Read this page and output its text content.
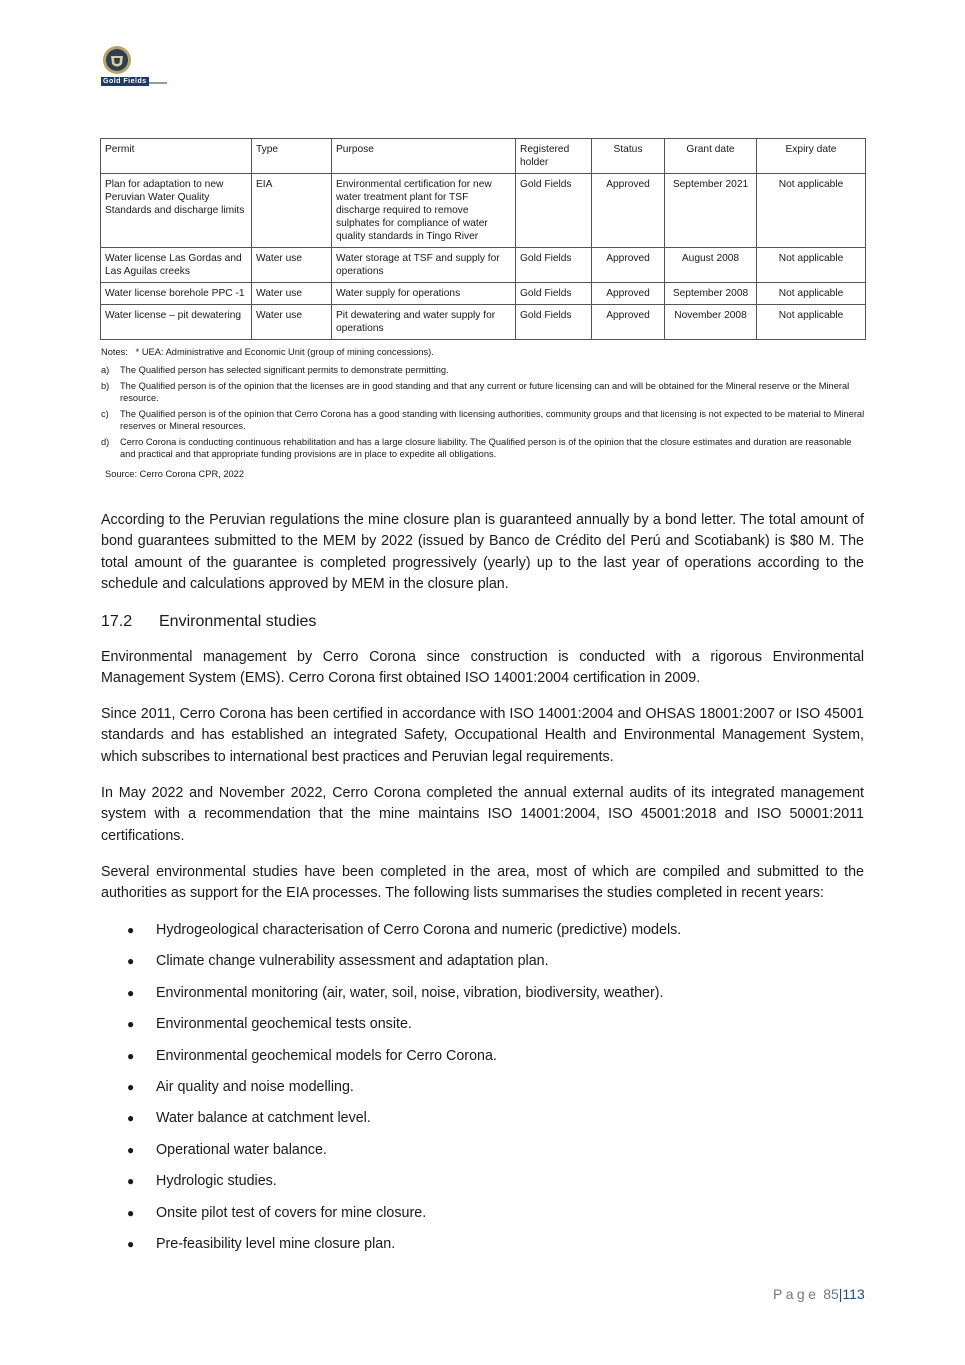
Gold Fields
Permit	Type	Purpose	Registered holder	Status	Grant date	Expiry date
Plan for adaptation to new Peruvian Water Quality Standards and discharge limits	EIA	Environmental certification for new water treatment plant for TSF discharge required to remove sulphates for compliance of water quality standards in Tingo River	Gold Fields	Approved	September 2021	Not applicable
Water license Las Gordas and Las Aguilas creeks	Water use	Water storage at TSF and supply for operations	Gold Fields	Approved	August 2008	Not applicable
Water license borehole PPC -1	Water use	Water supply for operations	Gold Fields	Approved	September 2008	Not applicable
Water license – pit dewatering	Water use	Pit dewatering and water supply for operations	Gold Fields	Approved	November 2008	Not applicable
Notes:   * UEA: Administrative and Economic Unit (group of mining concessions).
a)	The Qualified person has selected significant permits to demonstrate permitting.
b)	The Qualified person is of the opinion that the licenses are in good standing and that any current or future licensing can and will be obtained for the Mineral reserve or the Mineral resource.
c)	The Qualified person is of the opinion that Cerro Corona has a good standing with licensing authorities, community groups and that licensing is not expected to be material to Mineral reserves or Mineral resources.
d)	Cerro Corona is conducting continuous rehabilitation and has a large closure liability. The Qualified person is of the opinion that the closure estimates and duration are reasonable and practical and that appropriate funding provisions are in place to expedite all obligations.
Source: Cerro Corona CPR, 2022
According to the Peruvian regulations the mine closure plan is guaranteed annually by a bond letter. The total amount of bond guarantees submitted to the MEM by 2022 (issued by Banco de Crédito del Perú and Scotiabank) is $80 M. The total amount of the guarantee is completed progressively (yearly) up to the last year of operations according to the schedule and calculations approved by MEM in the closure plan.
17.2 Environmental studies
Environmental management by Cerro Corona since construction is conducted with a rigorous Environmental Management System (EMS). Cerro Corona first obtained ISO 14001:2004 certification in 2009.
Since 2011, Cerro Corona has been certified in accordance with ISO 14001:2004 and OHSAS 18001:2007 or ISO 45001 standards and has established an integrated Safety, Occupational Health and Environmental Management System, which subscribes to international best practices and Peruvian legal requirements.
In May 2022 and November 2022, Cerro Corona completed the annual external audits of its integrated management system with a recommendation that the mine maintains ISO 14001:2004, ISO 45001:2018 and ISO 50001:2011 certifications.
Several environmental studies have been completed in the area, most of which are compiled and submitted to the authorities as support for the EIA processes. The following lists summarises the studies completed in recent years:
●	Hydrogeological characterisation of Cerro Corona and numeric (predictive) models.
●	Climate change vulnerability assessment and adaptation plan.
●	Environmental monitoring (air, water, soil, noise, vibration, biodiversity, weather).
●	Environmental geochemical tests onsite.
●	Environmental geochemical models for Cerro Corona.
●	Air quality and noise modelling.
●	Water balance at catchment level.
●	Operational water balance.
●	Hydrologic studies.
●	Onsite pilot test of covers for mine closure.
●	Pre-feasibility level mine closure plan.
Page 85|113
